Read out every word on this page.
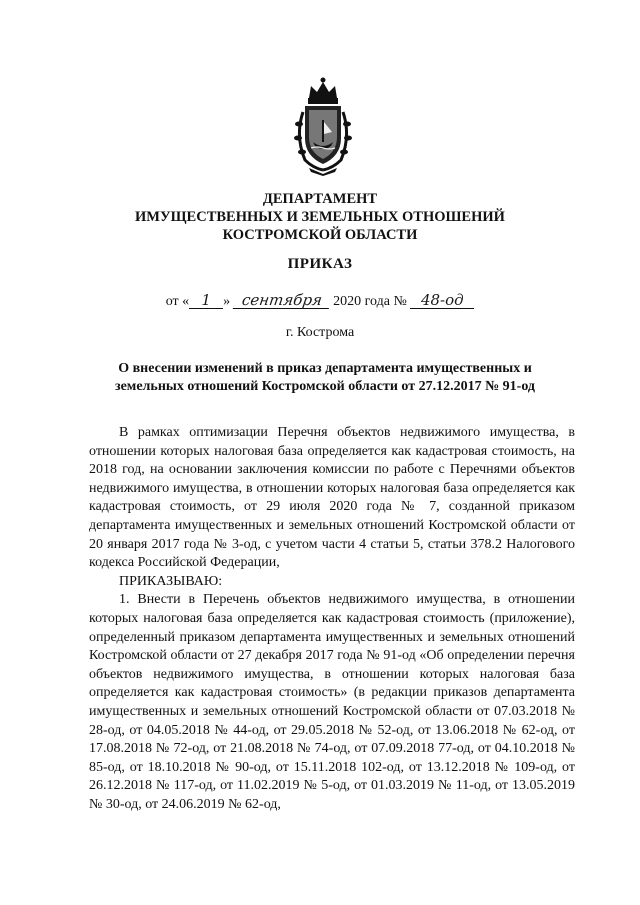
ДЕПАРТАМЕНТ
ИМУЩЕСТВЕННЫХ И ЗЕМЕЛЬНЫХ ОТНОШЕНИЙ
КОСТРОМСКОЙ ОБЛАСТИ
ПРИКАЗ
от « 1 » сентября 2020 года № 48-од
г. Кострома
О внесении изменений в приказ департамента имущественных и
земельных отношений Костромской области от 27.12.2017 № 91-од

В рамках оптимизации Перечня объектов недвижимого имущества, в отношении которых налоговая база определяется как кадастровая стоимость, на 2018 год, на основании заключения комиссии по работе с Перечнями объектов недвижимого имущества, в отношении которых налоговая база определяется как кадастровая стоимость, от 29 июля 2020 года № 7, созданной приказом департамента имущественных и земельных отношений Костромской области от 20 января 2017 года № 3-од, с учетом части 4 статьи 5, статьи 378.2 Налогового кодекса Российской Федерации,

ПРИКАЗЫВАЮ:

1. Внести в Перечень объектов недвижимого имущества, в отношении которых налоговая база определяется как кадастровая стоимость (приложение), определенный приказом департамента имущественных и земельных отношений Костромской области от 27 декабря 2017 года № 91-од «Об определении перечня объектов недвижимого имущества, в отношении которых налоговая база определяется как кадастровая стоимость» (в редакции приказов департамента имущественных и земельных отношений Костромской области от 07.03.2018 № 28-од, от 04.05.2018 № 44-од, от 29.05.2018 № 52-од, от 13.06.2018 № 62-од, от 17.08.2018 № 72-од, от 21.08.2018 № 74-од, от 07.09.2018 77-од, от 04.10.2018 № 85-од, от 18.10.2018 № 90-од, от 15.11.2018 102-од, от 13.12.2018 № 109-од, от 26.12.2018 № 117-од, от 11.02.2019 № 5-од, от 01.03.2019 № 11-од, от 13.05.2019 № 30-од, от 24.06.2019 № 62-од,
